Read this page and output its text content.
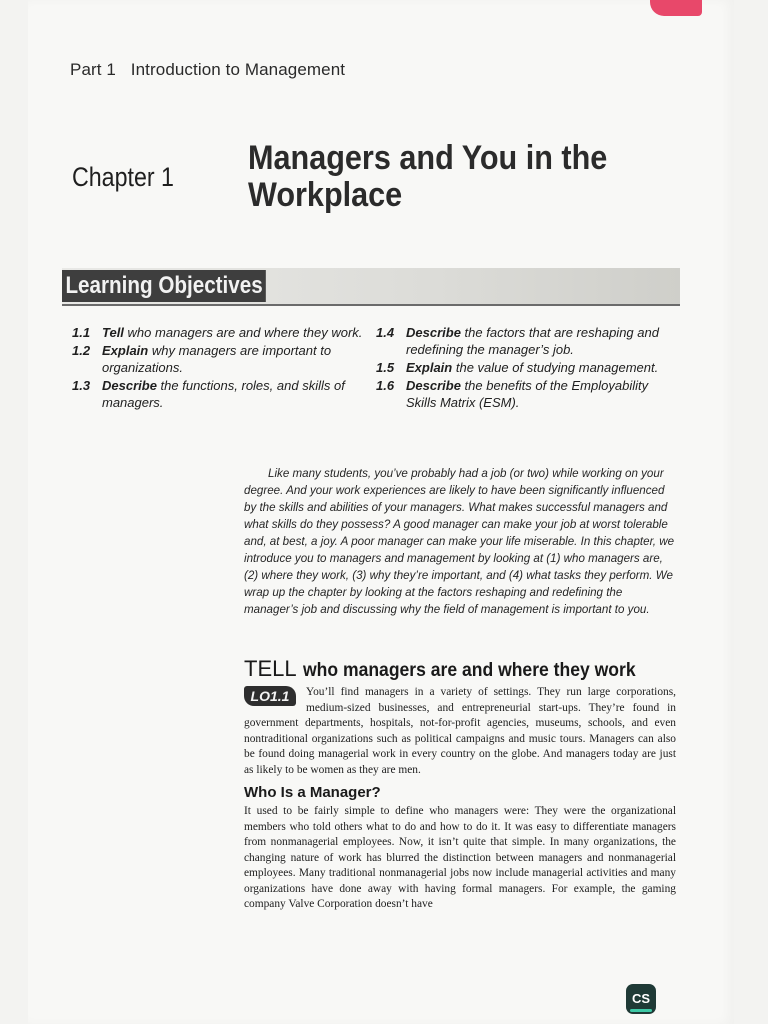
Part 1 Introduction to Management
Chapter 1 Managers and You in the Workplace
Learning Objectives
1.1 Tell who managers are and where they work.
1.2 Explain why managers are important to organizations.
1.3 Describe the functions, roles, and skills of managers.
1.4 Describe the factors that are reshaping and redefining the manager’s job.
1.5 Explain the value of studying management.
1.6 Describe the benefits of the Employability Skills Matrix (ESM).

Like many students, you’ve probably had a job (or two) while working on your degree. And your work experiences are likely to have been significantly influenced by the skills and abilities of your managers. What makes successful managers and what skills do they possess? A good manager can make your job at worst tolerable and, at best, a joy. A poor manager can make your life miserable. In this chapter, we introduce you to managers and management by looking at (1) who managers are, (2) where they work, (3) why they’re important, and (4) what tasks they perform. We wrap up the chapter by looking at the factors reshaping and redefining the manager’s job and discussing why the field of management is important to you.

TELL who managers are and where they work

You’ll find managers in a variety of settings. They run large corporations, medium-sized businesses, and entrepreneurial start-ups. They’re found in government departments, hospitals, not-for-profit agencies, museums, schools, and even nontraditional organizations such as political campaigns and music tours. Managers can also be found doing managerial work in every country on the globe. And managers today are just as likely to be women as they are men.

LO1.1
Who Is a Manager?

It used to be fairly simple to define who managers were: They were the organizational members who told others what to do and how to do it. It was easy to differentiate managers from nonmanagerial employees. Now, it isn’t quite that simple. In many organizations, the changing nature of work has blurred the distinction between managers and nonmanagerial employees. Many traditional nonmanagerial jobs now include managerial activities and many organizations have done away with having formal managers. For example, the gaming company Valve Corporation doesn’t have

CS
